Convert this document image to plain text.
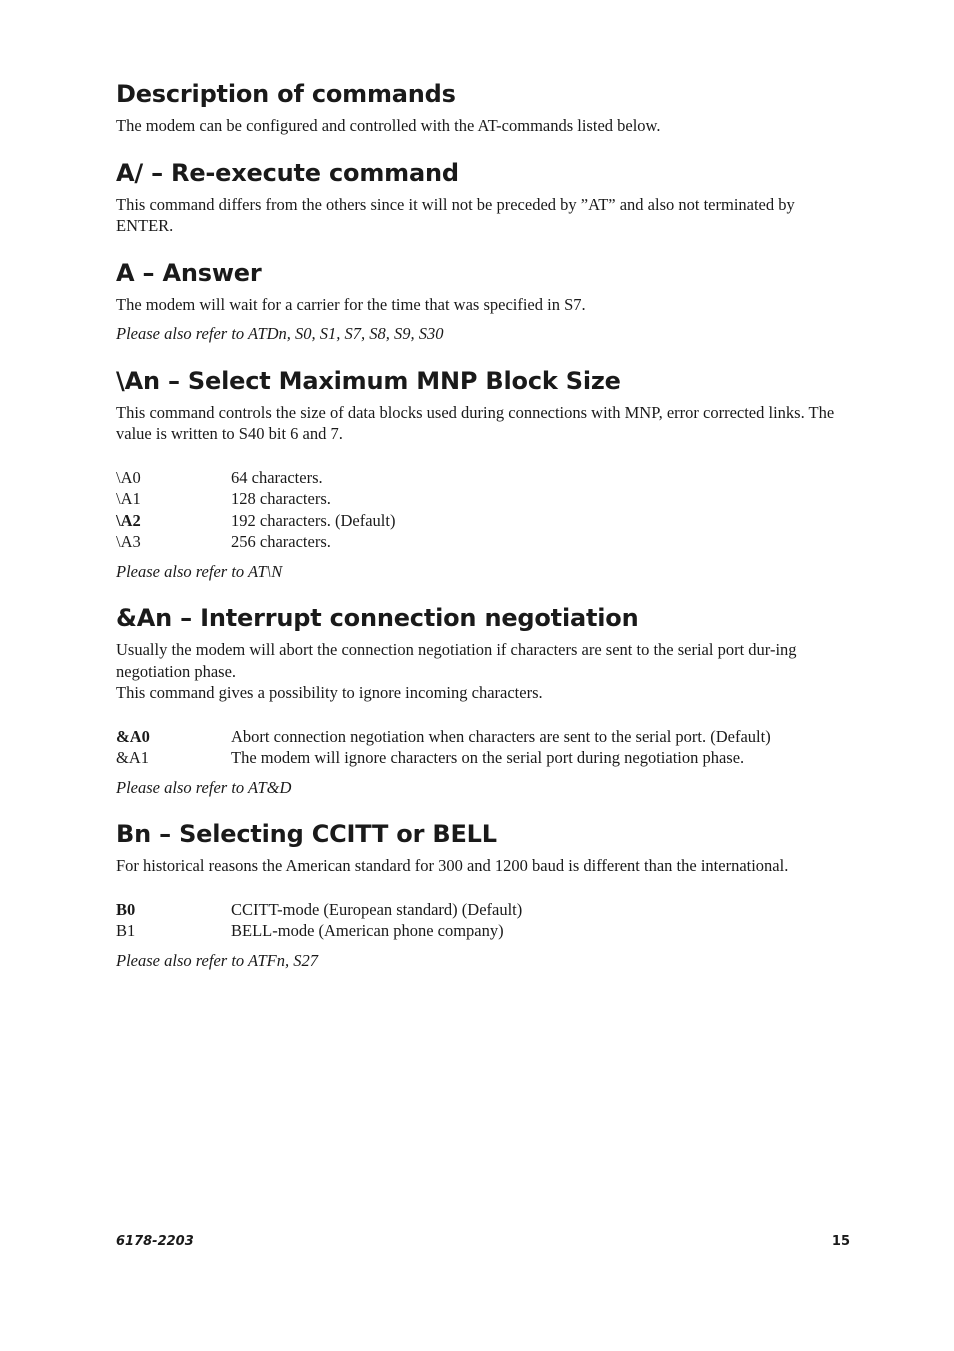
Description of commands

The modem can be configured and controlled with the AT-commands listed below.

A/ – Re-execute command

This command differs from the others since it will not be preceded by ”AT” and also not terminated by ENTER.

A – Answer

The modem will wait for a carrier for the time that was specified in S7.

Please also refer to ATDn, S0, S1, S7, S8, S9, S30

\An – Select Maximum MNP Block Size

This command controls the size of data blocks used during connections with MNP, error corrected links. The value is written to S40 bit 6 and 7.

\A0	64 characters.
\A1	128 characters.
\A2	192 characters. (Default)
\A3	256 characters.

Please also refer to AT\N

&An – Interrupt connection negotiation

Usually the modem will abort the connection negotiation if characters are sent to the serial port dur-ing negotiation phase.

This command gives a possibility to ignore incoming characters.

&A0	Abort connection negotiation when characters are sent to the serial port. (Default)
&A1	The modem will ignore characters on the serial port during negotiation phase.

Please also refer to AT&D

Bn – Selecting CCITT or BELL

For historical reasons the American standard for 300 and 1200 baud is different than the international.

B0	CCITT-mode (European standard) (Default)
B1	BELL-mode (American phone company)

Please also refer to ATFn, S27

6178-2203	15
